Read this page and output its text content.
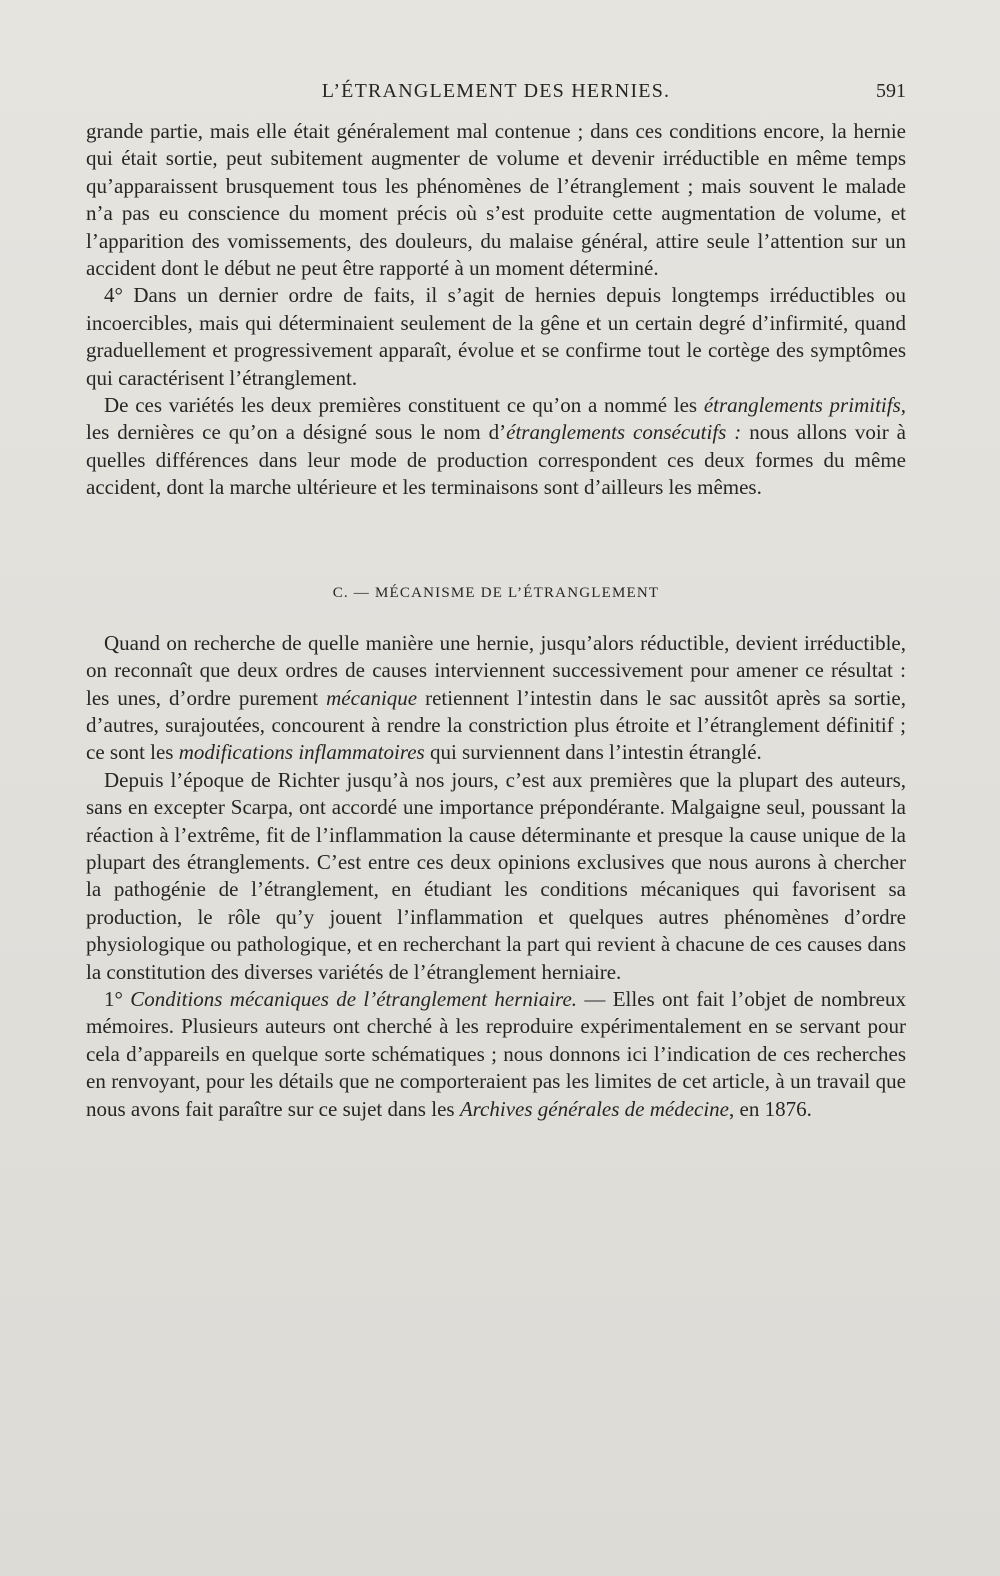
L’ÉTRANGLEMENT DES HERNIES.	591

grande partie, mais elle était généralement mal contenue ; dans ces conditions encore, la hernie qui était sortie, peut subitement augmenter de volume et devenir irréductible en même temps qu’apparaissent brusquement tous les phénomènes de l’étranglement ; mais souvent le malade n’a pas eu conscience du moment précis où s’est produite cette augmentation de volume, et l’apparition des vomissements, des douleurs, du malaise général, attire seule l’attention sur un accident dont le début ne peut être rapporté à un moment déterminé.

4° Dans un dernier ordre de faits, il s’agit de hernies depuis longtemps irréductibles ou incoercibles, mais qui déterminaient seulement de la gêne et un certain degré d’infirmité, quand graduellement et progressivement apparaît, évolue et se confirme tout le cortège des symptômes qui caractérisent l’étranglement.

De ces variétés les deux premières constituent ce qu’on a nommé les étranglements primitifs, les dernières ce qu’on a désigné sous le nom d’étranglements consécutifs : nous allons voir à quelles différences dans leur mode de production correspondent ces deux formes du même accident, dont la marche ultérieure et les terminaisons sont d’ailleurs les mêmes.

C. — MÉCANISME DE L’ÉTRANGLEMENT

Quand on recherche de quelle manière une hernie, jusqu’alors réductible, devient irréductible, on reconnaît que deux ordres de causes interviennent successivement pour amener ce résultat : les unes, d’ordre purement mécanique retiennent l’intestin dans le sac aussitôt après sa sortie, d’autres, surajoutées, concourent à rendre la constriction plus étroite et l’étranglement définitif ; ce sont les modifications inflammatoires qui surviennent dans l’intestin étranglé.

Depuis l’époque de Richter jusqu’à nos jours, c’est aux premières que la plupart des auteurs, sans en excepter Scarpa, ont accordé une importance prépondérante. Malgaigne seul, poussant la réaction à l’extrême, fit de l’inflammation la cause déterminante et presque la cause unique de la plupart des étranglements. C’est entre ces deux opinions exclusives que nous aurons à chercher la pathogénie de l’étranglement, en étudiant les conditions mécaniques qui favorisent sa production, le rôle qu’y jouent l’inflammation et quelques autres phénomènes d’ordre physiologique ou pathologique, et en recherchant la part qui revient à chacune de ces causes dans la constitution des diverses variétés de l’étranglement herniaire.

1° Conditions mécaniques de l’étranglement herniaire. — Elles ont fait l’objet de nombreux mémoires. Plusieurs auteurs ont cherché à les reproduire expérimentalement en se servant pour cela d’appareils en quelque sorte schématiques ; nous donnons ici l’indication de ces recherches en renvoyant, pour les détails que ne comporteraient pas les limites de cet article, à un travail que nous avons fait paraître sur ce sujet dans les Archives générales de médecine, en 1876.
